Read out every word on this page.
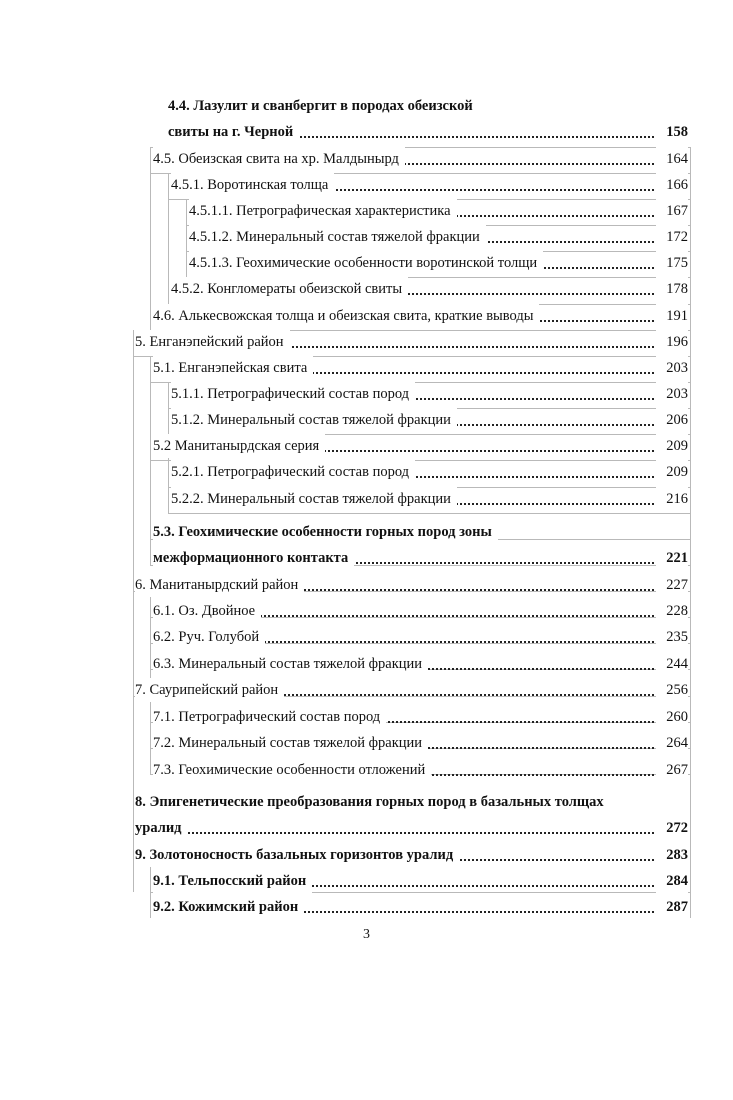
4.4. Лазулит и сванбергит в породах обеизской
свиты на г. Черной	158
4.5. Обеизская свита на хр. Малдынырд	164
4.5.1. Воротинская толща	166
4.5.1.1. Петрографическая характеристика	167
4.5.1.2. Минеральный состав тяжелой фракции	172
4.5.1.3. Геохимические особенности воротинской толщи	175
4.5.2. Конгломераты обеизской свиты	178
4.6. Алькесвожская толща и обеизская свита, краткие выводы	191
5. Енганэпейский район	196
5.1. Енганэпейская свита	203
5.1.1. Петрографический состав пород	203
5.1.2. Минеральный состав тяжелой фракции	206
5.2 Манитанырдская серия	209
5.2.1. Петрографический состав пород	209
5.2.2. Минеральный состав тяжелой фракции	216
5.3. Геохимические особенности горных пород зоны
межформационного контакта	221
6. Манитанырдский район	227
6.1. Оз. Двойное	228
6.2. Руч. Голубой	235
6.3. Минеральный состав тяжелой фракции	244
7. Саурипейский район	256
7.1. Петрографический состав пород	260
7.2. Минеральный состав тяжелой фракции	264
7.3. Геохимические особенности отложений	267
8. Эпигенетические преобразования горных пород в базальных толщах
уралид	272
9. Золотоносность базальных горизонтов уралид	283
9.1. Тельпосский район	284
9.2. Кожимский район	287
3
